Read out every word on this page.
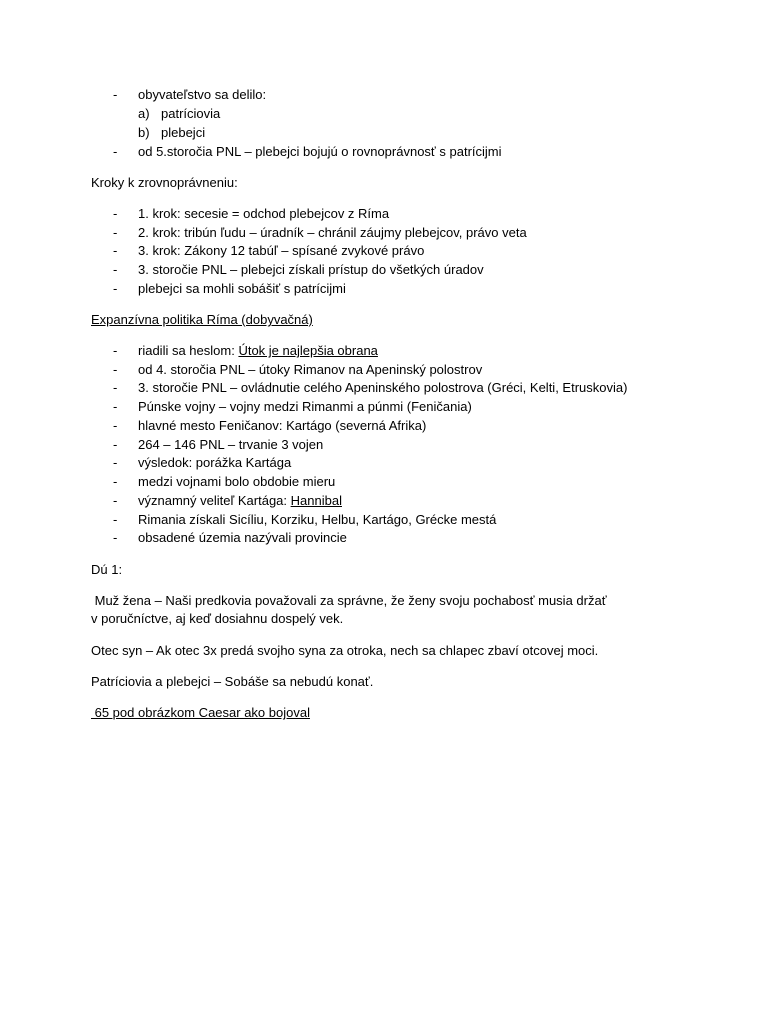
- obyvateľstvo sa delilo:
a) patríciovia
b) plebejci
- od 5.storočia PNL – plebejci bojujú o rovnoprávnosť s patrícijmi
Kroky k zrovnoprávneniu:
- 1. krok: secesie = odchod plebejcov z Ríma
- 2. krok: tribún ľudu – úradník – chránil záujmy plebejcov, právo veta
- 3. krok: Zákony 12 tabúľ – spísané zvykové právo
- 3. storočie PNL – plebejci získali prístup do všetkých úradov
- plebejci sa mohli sobášiť s patrícijmi
Expanzívna politika Ríma (dobyvačná)
- riadili sa heslom: Útok je najlepšia obrana
- od 4. storočia PNL – útoky Rimanov na Apeninský polostrov
- 3. storočie PNL – ovládnutie celého Apeninského polostrova (Gréci, Kelti, Etruskovia)
- Púnske vojny – vojny medzi Rimanmi a púnmi (Feničania)
- hlavné mesto Feničanov: Kartágo (severná Afrika)
- 264 – 146 PNL – trvanie 3 vojen
- výsledok: porážka Kartága
- medzi vojnami bolo obdobie mieru
- významný veliteľ Kartága: Hannibal
- Rimania získali Sicíliu, Korziku, Helbu, Kartágo, Grécke mestá
- obsadené územia nazývali provincie
Dú 1:
Muž žena – Naši predkovia považovali za správne, že ženy svoju pochabosť musia držať
v poručníctve, aj keď dosiahnu dospelý vek.
Otec syn – Ak otec 3x predá svojho syna za otroka, nech sa chlapec zbaví otcovej moci.
Patríciovia a plebejci – Sobáše sa nebudú konať.
65 pod obrázkom Caesar ako bojoval
